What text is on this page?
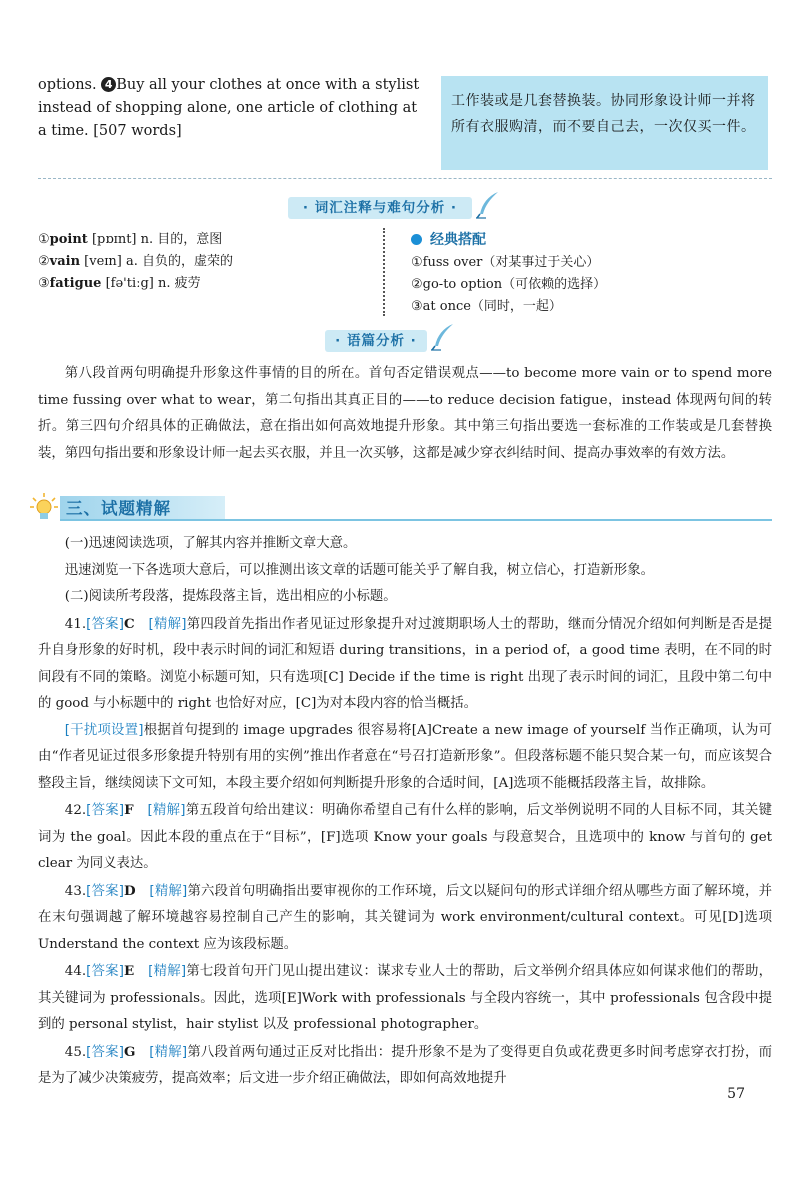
options. 4 Buy all your clothes at once with a stylist instead of shopping alone, one article of clothing at a time. [507 words]
工作装或是几套替换装。协同形象设计师一并将所有衣服购清，而不要自己去，一次仅买一件。
· 词汇注释与难句分析 ·
①point [pɒɪnt] n. 目的，意图
②vain [veɪn] a. 自负的，虚荣的
③fatigue [fə'tiːg] n. 疲劳
经典搭配
①fuss over（对某事过于关心）
②go-to option（可依赖的选择）
③at once（同时，一起）
· 语篇分析 ·

第八段首两句明确提升形象这件事情的目的所在。首句否定错误观点——to become more vain or to spend more time fussing over what to wear，第二句指出其真正目的——to reduce decision fatigue，instead 体现两句间的转折。第三四句介绍具体的正确做法，意在指出如何高效地提升形象。其中第三句指出要选一套标准的工作装或是几套替换装，第四句指出要和形象设计师一起去买衣服，并且一次买够，这都是减少穿衣纠结时间、提高办事效率的有效方法。

三、试题精解

(一)迅速阅读选项，了解其内容并推断文章大意。

迅速浏览一下各选项大意后，可以推测出该文章的话题可能关乎了解自我，树立信心，打造新形象。

(二)阅读所考段落，提炼段落主旨，选出相应的小标题。

41.[答案]C　 [精解]第四段首先指出作者见证过形象提升对过渡期职场人士的帮助，继而分情况介绍如何判断是否是提升自身形象的好时机，段中表示时间的词汇和短语 during transitions，in a period of，a good time 表明，在不同的时间段有不同的策略。浏览小标题可知，只有选项[C] Decide if the time is right 出现了表示时间的词汇，且段中第二句中的 good 与小标题中的 right 也恰好对应，[C]为对本段内容的恰当概括。

[干扰项设置]根据首句提到的 image upgrades 很容易将[A]Create a new image of yourself 当作正确项，认为可由“作者见证过很多形象提升特别有用的实例”推出作者意在“号召打造新形象”。但段落标题不能只契合某一句，而应该契合整段主旨，继续阅读下文可知，本段主要介绍如何判断提升形象的合适时间，[A]选项不能概括段落主旨，故排除。

42.[答案]F　 [精解]第五段首句给出建议：明确你希望自己有什么样的影响，后文举例说明不同的人目标不同，其关键词为 the goal。因此本段的重点在于“目标”，[F]选项 Know your goals 与段意契合，且选项中的 know 与首句的 get clear 为同义表达。

43.[答案]D　 [精解]第六段首句明确指出要审视你的工作环境，后文以疑问句的形式详细介绍从哪些方面了解环境，并在末句强调越了解环境越容易控制自己产生的影响，其关键词为 work environment/cultural context。可见[D]选项 Understand the context 应为该段标题。

44.[答案]E　 [精解]第七段首句开门见山提出建议：谋求专业人士的帮助，后文举例介绍具体应如何谋求他们的帮助，其关键词为 professionals。因此，选项[E]Work with professionals 与全段内容统一，其中 professionals 包含段中提到的 personal stylist，hair stylist 以及 professional photographer。

45.[答案]G　 [精解]第八段首两句通过正反对比指出：提升形象不是为了变得更自负或花费更多时间考虑穿衣打扮，而是为了减少决策疲劳，提高效率；后文进一步介绍正确做法，即如何高效地提升

57
